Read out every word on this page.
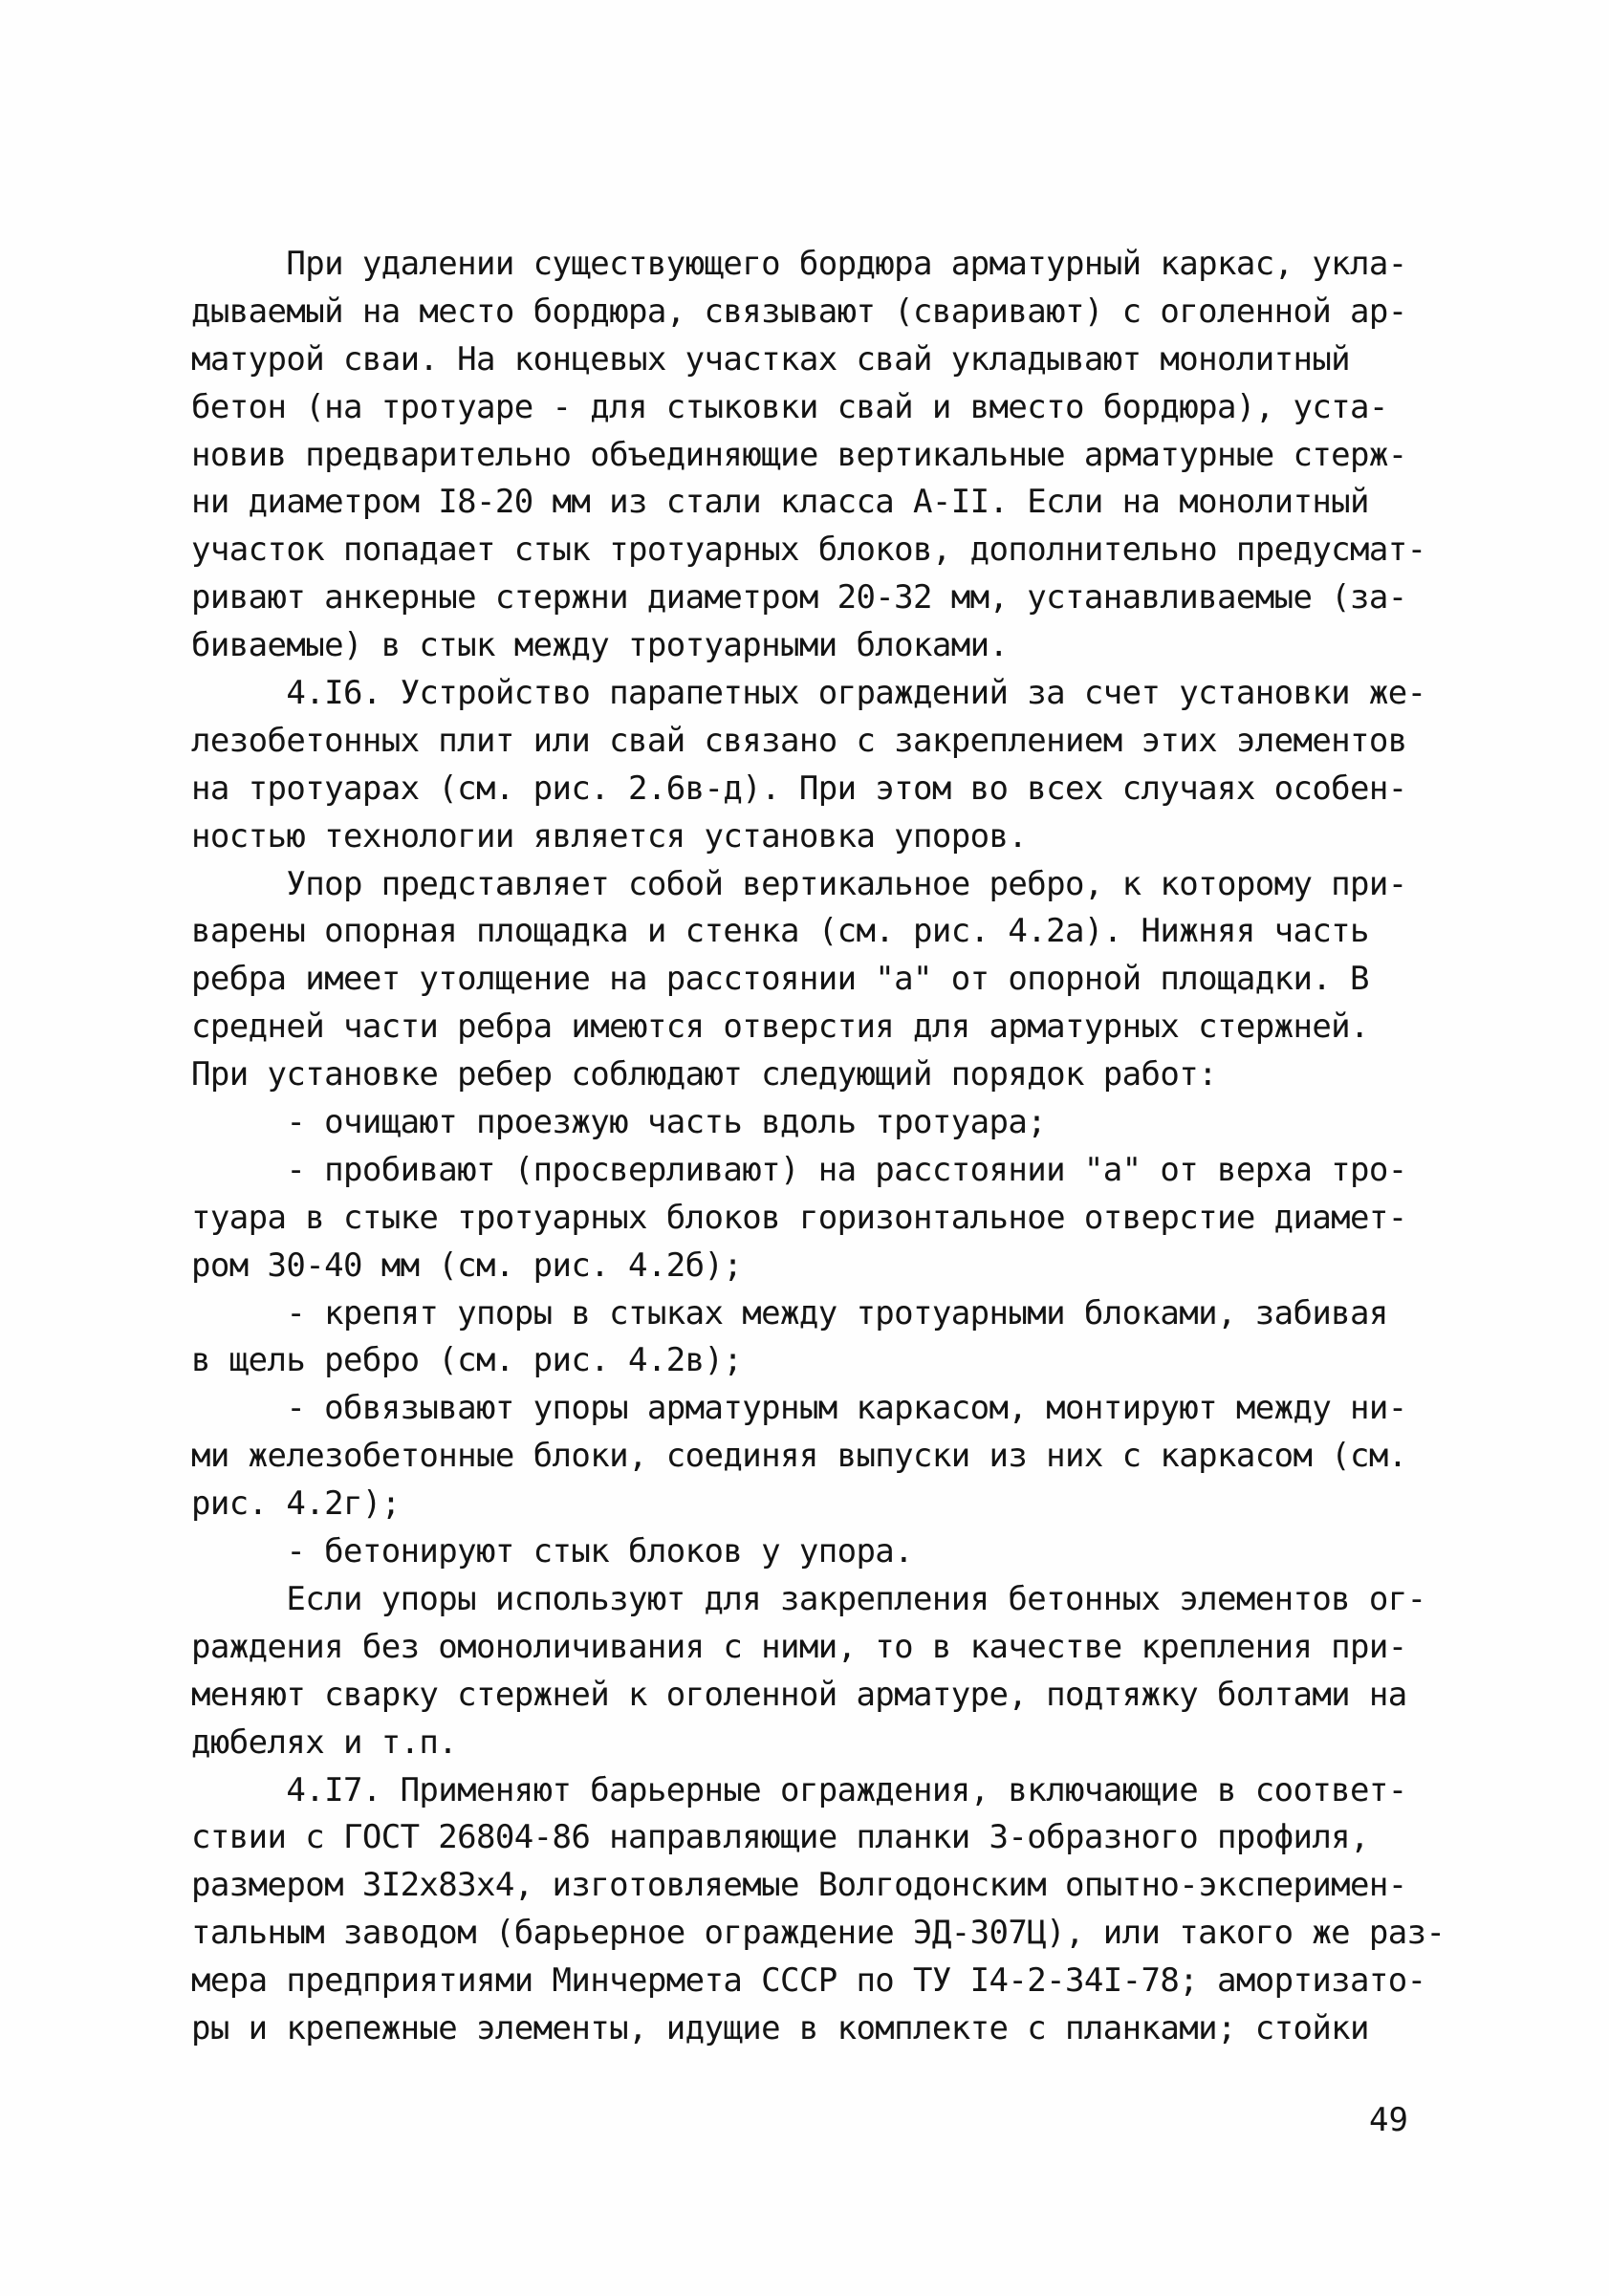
При удалении существующего бордюра арматурный каркас, укла-
дываемый на место бордюра, связывают (сваривают) с оголенной ар-
матурой сваи. На концевых участках свай укладывают монолитный
бетон (на тротуаре - для стыковки свай и вместо бордюра), уста-
новив предварительно объединяющие вертикальные арматурные стерж-
ни диаметром I8-20 мм из стали класса А-II. Если на монолитный
участок попадает стык тротуарных блоков, дополнительно предусмат-
ривают анкерные стержни диаметром 20-32 мм, устанавливаемые (за-
биваемые) в стык между тротуарными блоками.
4.I6. Устройство парапетных ограждений за счет установки же-
лезобетонных плит или свай связано с закреплением этих элементов
на тротуарах (см. рис. 2.6в-д). При этом во всех случаях особен-
ностью технологии является установка упоров.
Упор представляет собой вертикальное ребро, к которому при-
варены опорная площадка и стенка (см. рис. 4.2а). Нижняя часть
ребра имеет утолщение на расстоянии "а" от опорной площадки. В
средней части ребра имеются отверстия для арматурных стержней.
При установке ребер соблюдают следующий порядок работ:
- очищают проезжую часть вдоль тротуара;
- пробивают (просверливают) на расстоянии "а" от верха тро-
туара в стыке тротуарных блоков горизонтальное отверстие диамет-
ром 30-40 мм (см. рис. 4.2б);
- крепят упоры в стыках между тротуарными блоками, забивая
в щель ребро (см. рис. 4.2в);
- обвязывают упоры арматурным каркасом, монтируют между ни-
ми железобетонные блоки, соединяя выпуски из них с каркасом (см.
рис. 4.2г);
- бетонируют стык блоков у упора.
Если упоры используют для закрепления бетонных элементов ог-
раждения без омоноличивания с ними, то в качестве крепления при-
меняют сварку стержней к оголенной арматуре, подтяжку болтами на
дюбелях и т.п.
4.I7. Применяют барьерные ограждения, включающие в соответ-
ствии с ГОСТ 26804-86 направляющие планки З-образного профиля,
размером 3I2x83x4, изготовляемые Волгодонским опытно-эксперимен-
тальным заводом (барьерное ограждение ЭД-307Ц), или такого же раз-
мера предприятиями Минчермета СССР по ТУ I4-2-34I-78; амортизато-
ры и крепежные элементы, идущие в комплекте с планками; стойки
49
